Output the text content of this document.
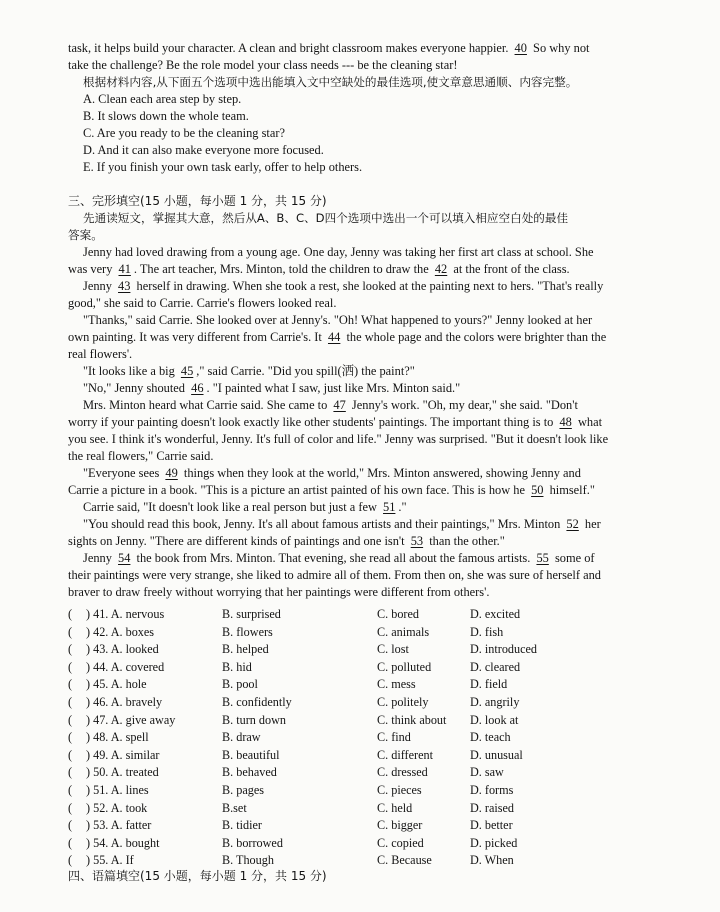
task, it helps build your character. A clean and bright classroom makes everyone happier. 40 So why not
take the challenge? Be the role model your class needs --- be the cleaning star!
根据材料内容,从下面五个选项中选出能填入文中空缺处的最佳选项,使文章意思通顺、内容完整。
A. Clean each area step by step.
B. It slows down the whole team.
C. Are you ready to be the cleaning star?
D. And it can also make everyone more focused.
E. If you finish your own task early, offer to help others.
三、完形填空(15 小题，每小题 1 分，共 15 分)
先通读短文，掌握其大意，然后从A、B、C、D四个选项中选出一个可以填入相应空白处的最佳
答案。
Jenny had loved drawing from a young age. One day, Jenny was taking her first art class at school. She
was very 41 . The art teacher, Mrs. Minton, told the children to draw the 42 at the front of the class.
Jenny 43 herself in drawing. When she took a rest, she looked at the painting next to hers. "That's really
good," she said to Carrie. Carrie's flowers looked real.
"Thanks," said Carrie. She looked over at Jenny's. "Oh! What happened to yours?" Jenny looked at her
own painting. It was very different from Carrie's. It 44 the whole page and the colors were brighter than the
real flowers'.
"It looks like a big 45 ," said Carrie. "Did you spill(洒) the paint?"
"No," Jenny shouted 46 . "I painted what I saw, just like Mrs. Minton said."
Mrs. Minton heard what Carrie said. She came to 47 Jenny's work. "Oh, my dear," she said. "Don't
worry if your painting doesn't look exactly like other students' paintings. The important thing is to 48 what
you see. I think it's wonderful, Jenny. It's full of color and life." Jenny was surprised. "But it doesn't look like
the real flowers," Carrie said.
"Everyone sees 49 things when they look at the world," Mrs. Minton answered, showing Jenny and
Carrie a picture in a book. "This is a picture an artist painted of his own face. This is how he 50 himself."
Carrie said, "It doesn't look like a real person but just a few 51 ."
"You should read this book, Jenny. It's all about famous artists and their paintings," Mrs. Minton 52 her
sights on Jenny. "There are different kinds of paintings and one isn't 53 than the other."
Jenny 54 the book from Mrs. Minton. That evening, she read all about the famous artists. 55 some of
their paintings were very strange, she liked to admire all of them. From then on, she was sure of herself and
braver to draw freely without worrying that her paintings were different from others'.
( ) 41. A. nervous	B. surprised	C. bored	D. excited
( ) 42. A. boxes	B. flowers	C. animals	D. fish
( ) 43. A. looked	B. helped	C. lost	D. introduced
( ) 44. A. covered	B. hid	C. polluted	D. cleared
( ) 45. A. hole	B. pool	C. mess	D. field
( ) 46. A. bravely	B. confidently	C. politely	D. angrily
( ) 47. A. give away	B. turn down	C. think about D. look at
( ) 48. A. spell	B. draw	C. find	D. teach
( ) 49. A. similar	B. beautiful	C. different	D. unusual
( ) 50. A. treated	B. behaved	C. dressed	D. saw
( ) 51. A. lines	B. pages	C. pieces	D. forms
( ) 52. A. took	B.set	C. held	D. raised
( ) 53. A. fatter	B. tidier	C. bigger	D. better
( ) 54. A. bought	B. borrowed	C. copied	D. picked
( ) 55. A. If	B. Though	C. Because	D. When
四、语篇填空(15 小题，每小题 1 分，共 15 分)
